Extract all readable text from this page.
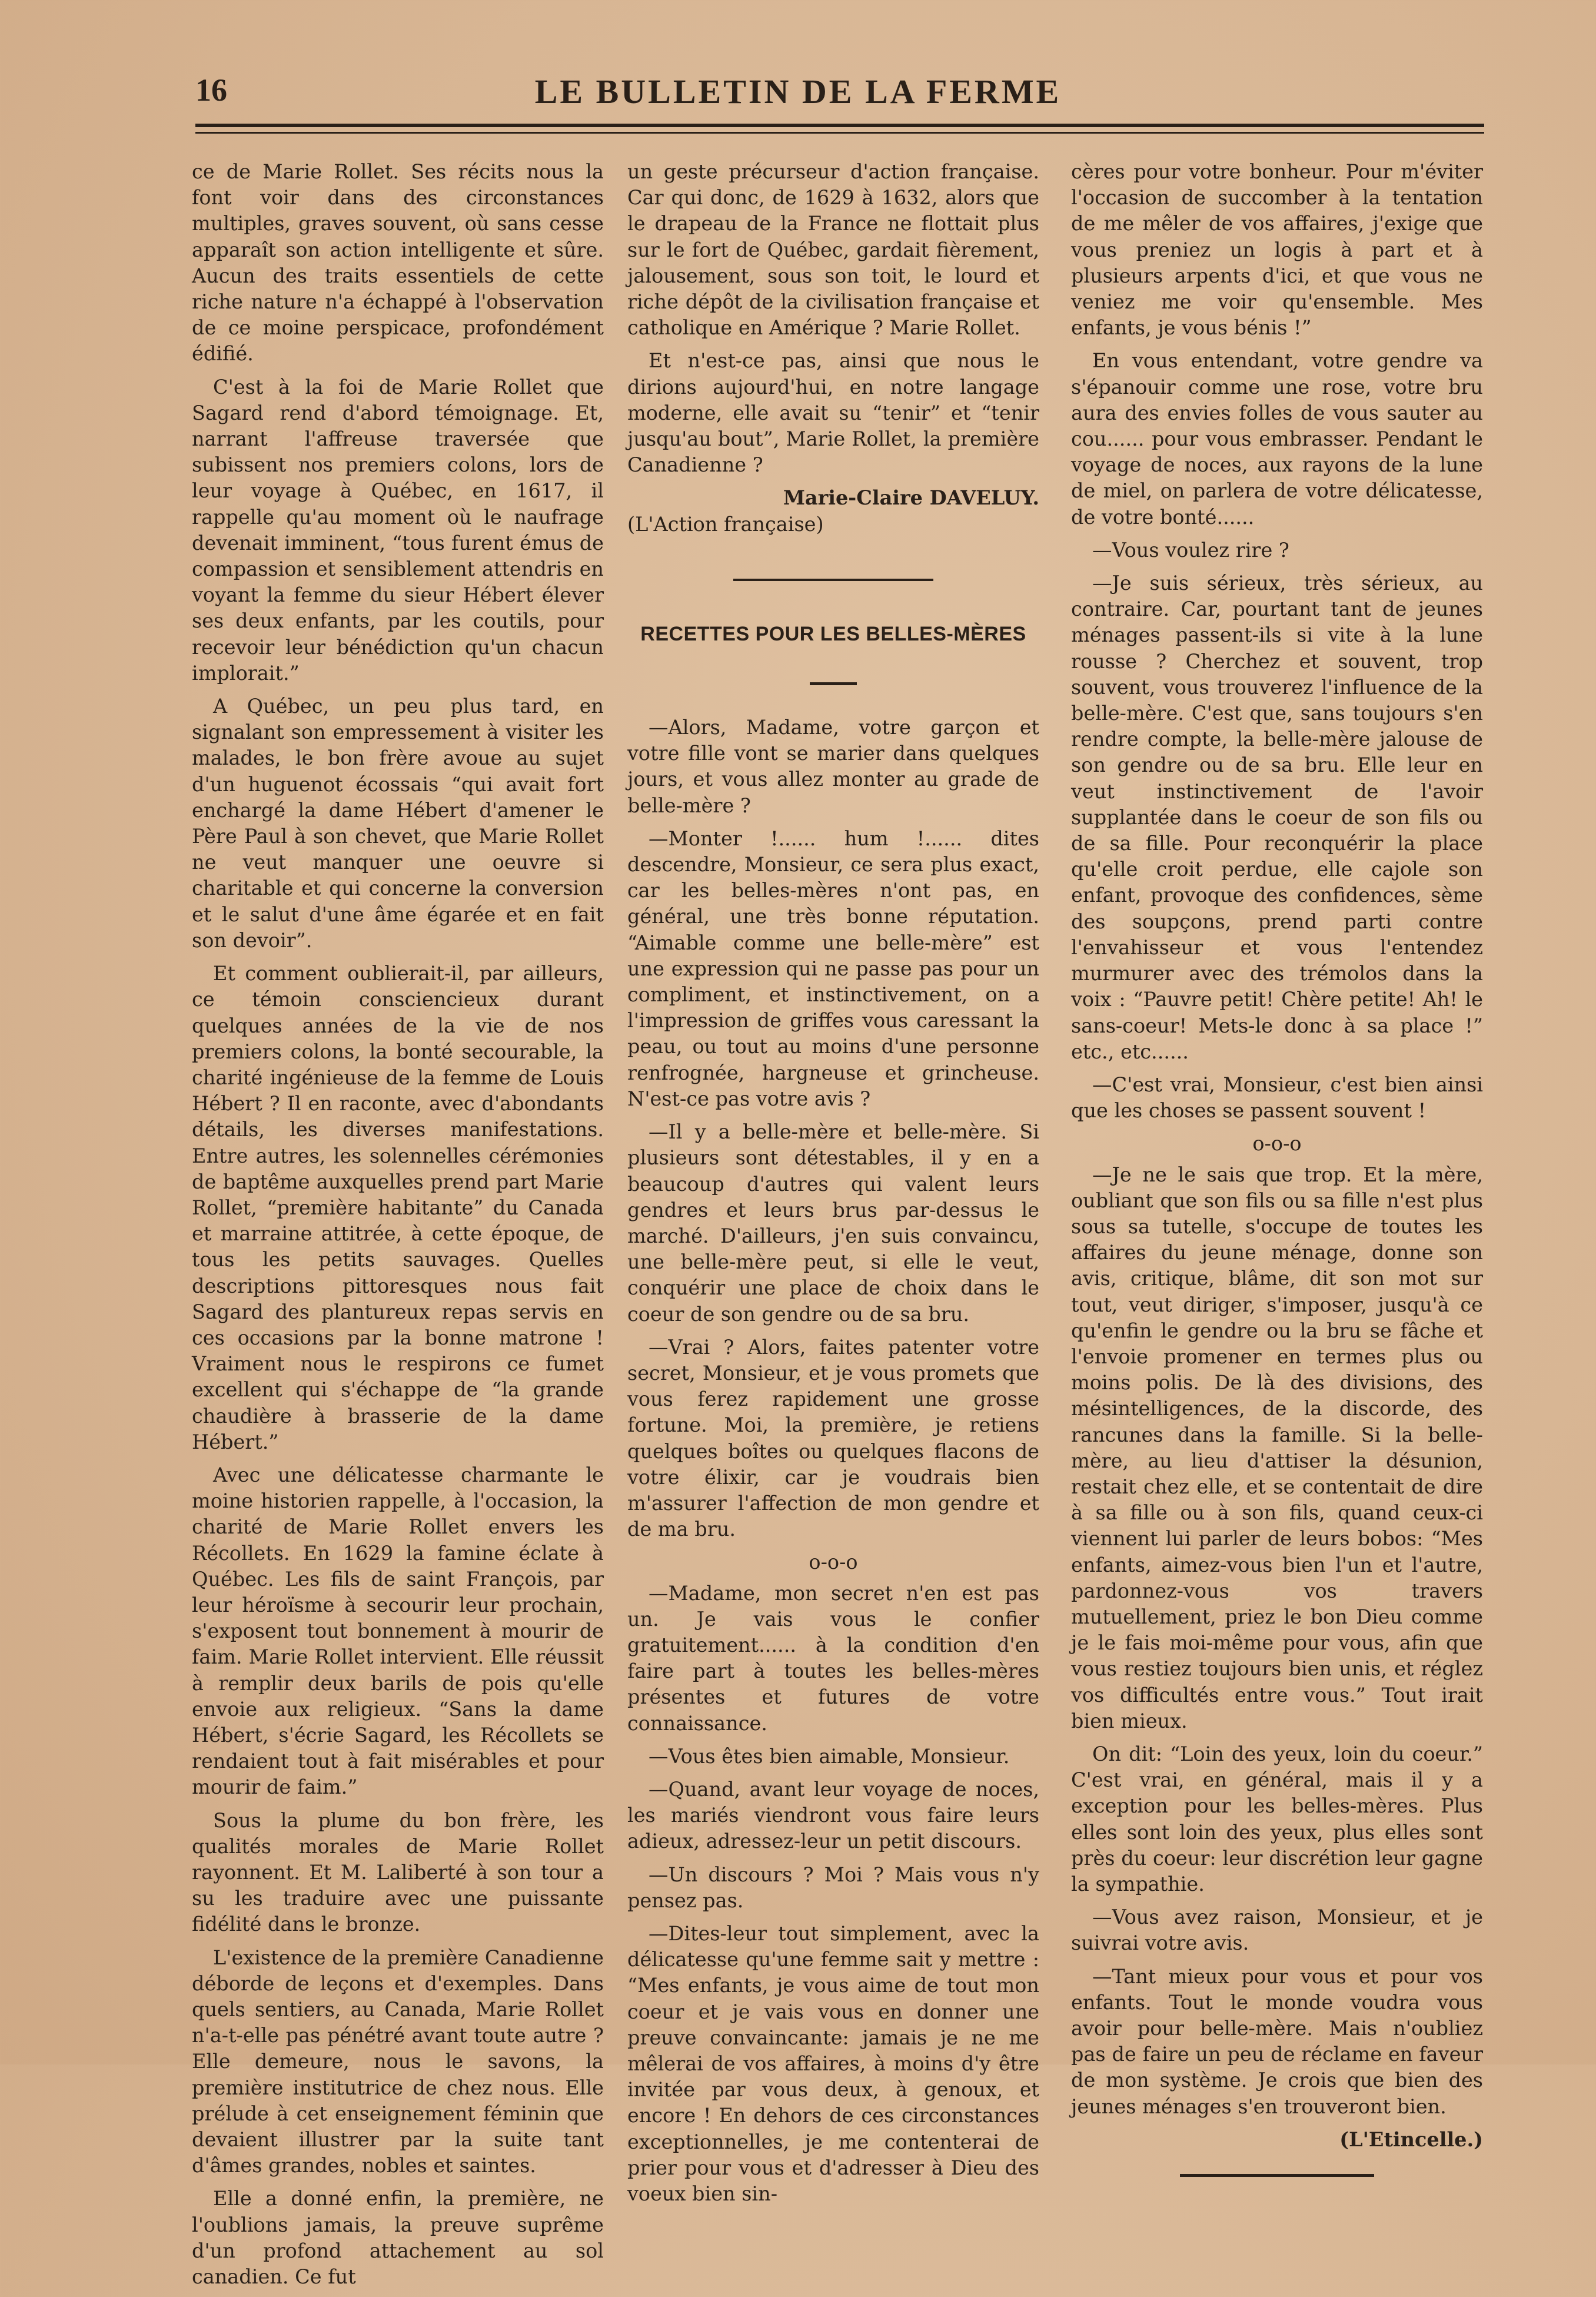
16	LE BULLETIN DE LA FERME

ce de Marie Rollet. Ses récits nous la font voir dans des circonstances multiples, graves souvent, où sans cesse apparaît son action intelligente et sûre. Aucun des traits essentiels de cette riche nature n'a échappé à l'observation de ce moine perspicace, profondément édifié.

C'est à la foi de Marie Rollet que Sagard rend d'abord témoignage. Et, narrant l'affreuse traversée que subissent nos premiers colons, lors de leur voyage à Québec, en 1617, il rappelle qu'au moment où le naufrage devenait imminent, “tous furent émus de compassion et sensiblement attendris en voyant la femme du sieur Hébert élever ses deux enfants, par les coutils, pour recevoir leur bénédiction qu'un chacun implorait.”

A Québec, un peu plus tard, en signalant son empressement à visiter les malades, le bon frère avoue au sujet d'un huguenot écossais “qui avait fort enchargé la dame Hébert d'amener le Père Paul à son chevet, que Marie Rollet ne veut manquer une oeuvre si charitable et qui concerne la conversion et le salut d'une âme égarée et en fait son devoir”.

Et comment oublierait-il, par ailleurs, ce témoin consciencieux durant quelques années de la vie de nos premiers colons, la bonté secourable, la charité ingénieuse de la femme de Louis Hébert ? Il en raconte, avec d'abondants détails, les diverses manifestations. Entre autres, les solennelles cérémonies de baptême auxquelles prend part Marie Rollet, “première habitante” du Canada et marraine attitrée, à cette époque, de tous les petits sauvages. Quelles descriptions pittoresques nous fait Sagard des plantureux repas servis en ces occasions par la bonne matrone ! Vraiment nous le respirons ce fumet excellent qui s'échappe de “la grande chaudière à brasserie de la dame Hébert.”

Avec une délicatesse charmante le moine historien rappelle, à l'occasion, la charité de Marie Rollet envers les Récollets. En 1629 la famine éclate à Québec. Les fils de saint François, par leur héroïsme à secourir leur prochain, s'exposent tout bonnement à mourir de faim. Marie Rollet intervient. Elle réussit à remplir deux barils de pois qu'elle envoie aux religieux. “Sans la dame Hébert, s'écrie Sagard, les Récollets se rendaient tout à fait misérables et pour mourir de faim.”

Sous la plume du bon frère, les qualités morales de Marie Rollet rayonnent. Et M. Laliberté à son tour a su les traduire avec une puissante fidélité dans le bronze.

L'existence de la première Canadienne déborde de leçons et d'exemples. Dans quels sentiers, au Canada, Marie Rollet n'a-t-elle pas pénétré avant toute autre ? Elle demeure, nous le savons, la première institutrice de chez nous. Elle prélude à cet enseignement féminin que devaient illustrer par la suite tant d'âmes grandes, nobles et saintes.

Elle a donné enfin, la première, ne l'oublions jamais, la preuve suprême d'un profond attachement au sol canadien. Ce fut

un geste précurseur d'action française. Car qui donc, de 1629 à 1632, alors que le drapeau de la France ne flottait plus sur le fort de Québec, gardait fièrement, jalousement, sous son toit, le lourd et riche dépôt de la civilisation française et catholique en Amérique ? Marie Rollet.

Et n'est-ce pas, ainsi que nous le dirions aujourd'hui, en notre langage moderne, elle avait su “tenir” et “tenir jusqu'au bout”, Marie Rollet, la première Canadienne ?

Marie-Claire DAVELUY.
(L'Action française)
RECETTES POUR LES BELLES-MÈRES

—Alors, Madame, votre garçon et votre fille vont se marier dans quelques jours, et vous allez monter au grade de belle-mère ?

—Monter !...... hum !...... dites descendre, Monsieur, ce sera plus exact, car les belles-mères n'ont pas, en général, une très bonne réputation. “Aimable comme une belle-mère” est une expression qui ne passe pas pour un compliment, et instinctivement, on a l'impression de griffes vous caressant la peau, ou tout au moins d'une personne renfrognée, hargneuse et grincheuse. N'est-ce pas votre avis ?

—Il y a belle-mère et belle-mère. Si plusieurs sont détestables, il y en a beaucoup d'autres qui valent leurs gendres et leurs brus par-dessus le marché. D'ailleurs, j'en suis convaincu, une belle-mère peut, si elle le veut, conquérir une place de choix dans le coeur de son gendre ou de sa bru.

—Vrai ? Alors, faites patenter votre secret, Monsieur, et je vous promets que vous ferez rapidement une grosse fortune. Moi, la première, je retiens quelques boîtes ou quelques flacons de votre élixir, car je voudrais bien m'assurer l'affection de mon gendre et de ma bru.

o-o-o

—Madame, mon secret n'en est pas un. Je vais vous le confier gratuitement...... à la condition d'en faire part à toutes les belles-mères présentes et futures de votre connaissance.

—Vous êtes bien aimable, Monsieur.

—Quand, avant leur voyage de noces, les mariés viendront vous faire leurs adieux, adressez-leur un petit discours.

—Un discours ? Moi ? Mais vous n'y pensez pas.

—Dites-leur tout simplement, avec la délicatesse qu'une femme sait y mettre : “Mes enfants, je vous aime de tout mon coeur et je vais vous en donner une preuve convaincante: jamais je ne me mêlerai de vos affaires, à moins d'y être invitée par vous deux, à genoux, et encore ! En dehors de ces circonstances exceptionnelles, je me contenterai de prier pour vous et d'adresser à Dieu des voeux bien sin-

cères pour votre bonheur. Pour m'éviter l'occasion de succomber à la tentation de me mêler de vos affaires, j'exige que vous preniez un logis à part et à plusieurs arpents d'ici, et que vous ne veniez me voir qu'ensemble. Mes enfants, je vous bénis !”

En vous entendant, votre gendre va s'épanouir comme une rose, votre bru aura des envies folles de vous sauter au cou...... pour vous embrasser. Pendant le voyage de noces, aux rayons de la lune de miel, on parlera de votre délicatesse, de votre bonté......

—Vous voulez rire ?

—Je suis sérieux, très sérieux, au contraire. Car, pourtant tant de jeunes ménages passent-ils si vite à la lune rousse ? Cherchez et souvent, trop souvent, vous trouverez l'influence de la belle-mère. C'est que, sans toujours s'en rendre compte, la belle-mère jalouse de son gendre ou de sa bru. Elle leur en veut instinctivement de l'avoir supplantée dans le coeur de son fils ou de sa fille. Pour reconquérir la place qu'elle croit perdue, elle cajole son enfant, provoque des confidences, sème des soupçons, prend parti contre l'envahisseur et vous l'entendez murmurer avec des trémolos dans la voix : “Pauvre petit! Chère petite! Ah! le sans-coeur! Mets-le donc à sa place !” etc., etc......

—C'est vrai, Monsieur, c'est bien ainsi que les choses se passent souvent !

o-o-o

—Je ne le sais que trop. Et la mère, oubliant que son fils ou sa fille n'est plus sous sa tutelle, s'occupe de toutes les affaires du jeune ménage, donne son avis, critique, blâme, dit son mot sur tout, veut diriger, s'imposer, jusqu'à ce qu'enfin le gendre ou la bru se fâche et l'envoie promener en termes plus ou moins polis. De là des divisions, des mésintelligences, de la discorde, des rancunes dans la famille. Si la belle-mère, au lieu d'attiser la désunion, restait chez elle, et se contentait de dire à sa fille ou à son fils, quand ceux-ci viennent lui parler de leurs bobos: “Mes enfants, aimez-vous bien l'un et l'autre, pardonnez-vous vos travers mutuellement, priez le bon Dieu comme je le fais moi-même pour vous, afin que vous restiez toujours bien unis, et réglez vos difficultés entre vous.” Tout irait bien mieux.

On dit: “Loin des yeux, loin du coeur.” C'est vrai, en général, mais il y a exception pour les belles-mères. Plus elles sont loin des yeux, plus elles sont près du coeur: leur discrétion leur gagne la sympathie.

—Vous avez raison, Monsieur, et je suivrai votre avis.

—Tant mieux pour vous et pour vos enfants. Tout le monde voudra vous avoir pour belle-mère. Mais n'oubliez pas de faire un peu de réclame en faveur de mon système. Je crois que bien des jeunes ménages s'en trouveront bien.

(L'Etincelle.)
